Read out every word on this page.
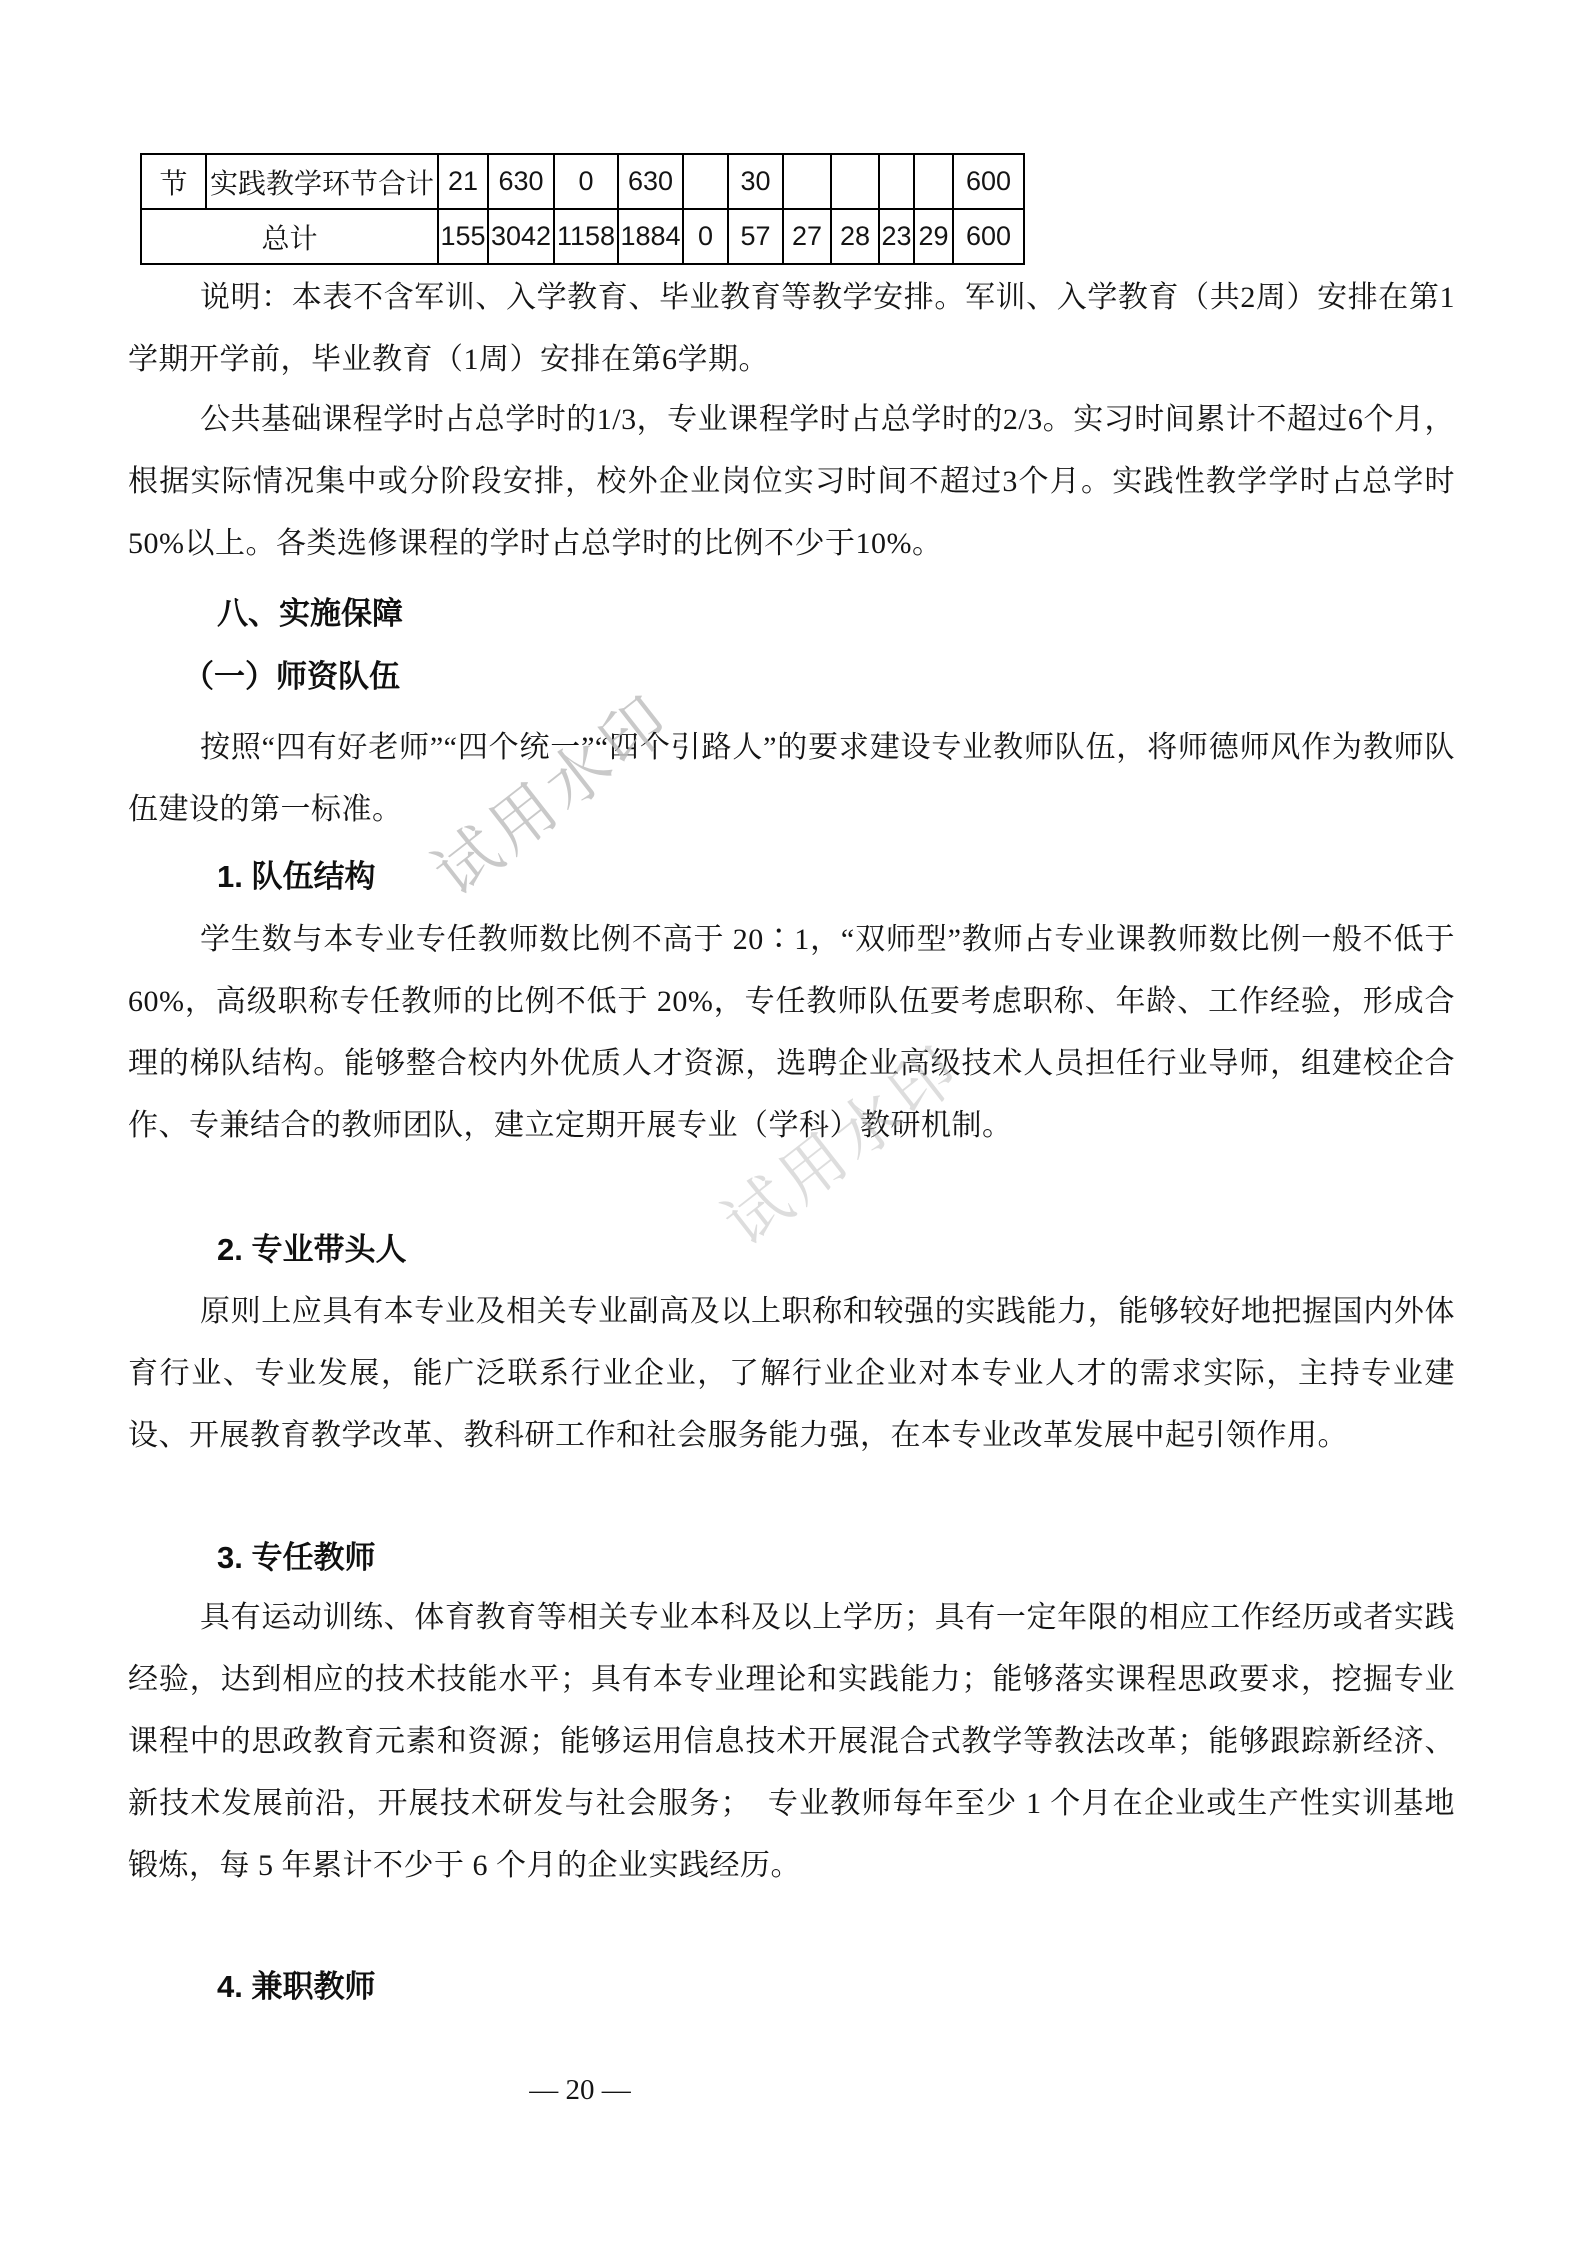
节	实践教学环节合计	21	630	0	630		30					600
总计		155	3042	1158	1884	0	57	27	28	23	29	600

说明：本表不含军训、入学教育、毕业教育等教学安排。军训、入学教育（共2周）安排在第1学期开学前，毕业教育（1周）安排在第6学期。

公共基础课程学时占总学时的1/3，专业课程学时占总学时的2/3。实习时间累计不超过6个月，根据实际情况集中或分阶段安排，校外企业岗位实习时间不超过3个月。实践性教学学时占总学时50%以上。各类选修课程的学时占总学时的比例不少于10%。

八、实施保障
（一）师资队伍

按照“四有好老师”“四个统一”“四个引路人”的要求建设专业教师队伍，将师德师风作为教师队伍建设的第一标准。

1. 队伍结构

学生数与本专业专任教师数比例不高于 20∶1，“双师型”教师占专业课教师数比例一般不低于 60%，高级职称专任教师的比例不低于 20%，专任教师队伍要考虑职称、年龄、工作经验，形成合理的梯队结构。能够整合校内外优质人才资源，选聘企业高级技术人员担任行业导师，组建校企合作、专兼结合的教师团队，建立定期开展专业（学科）教研机制。

2. 专业带头人

原则上应具有本专业及相关专业副高及以上职称和较强的实践能力，能够较好地把握国内外体育行业、专业发展，能广泛联系行业企业，了解行业企业对本专业人才的需求实际，主持专业建设、开展教育教学改革、教科研工作和社会服务能力强，在本专业改革发展中起引领作用。

3. 专任教师

具有运动训练、体育教育等相关专业本科及以上学历；具有一定年限的相应工作经历或者实践经验，达到相应的技术技能水平；具有本专业理论和实践能力；能够落实课程思政要求，挖掘专业课程中的思政教育元素和资源；能够运用信息技术开展混合式教学等教法改革；能够跟踪新经济、新技术发展前沿，开展技术研发与社会服务；　专业教师每年至少 1 个月在企业或生产性实训基地锻炼，每 5 年累计不少于 6 个月的企业实践经历。

4. 兼职教师
试用水印
试用水印

— 20 —
